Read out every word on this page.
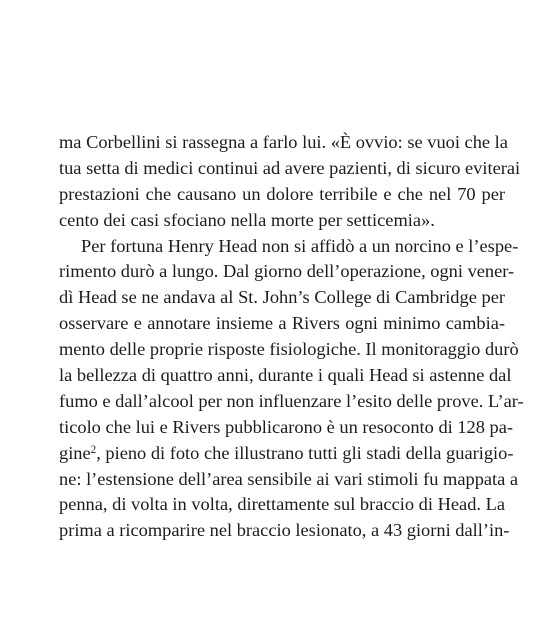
ma Corbellini si rassegna a farlo lui. «È ovvio: se vuoi che la
tua setta di medici continui ad avere pazienti, di sicuro eviterai
prestazioni che causano un dolore terribile e che nel 70 per
cento dei casi sfociano nella morte per setticemia».
Per fortuna Henry Head non si affidò a un norcino e l’espe-
rimento durò a lungo. Dal giorno dell’operazione, ogni vener-
dì Head se ne andava al St. John’s College di Cambridge per
osservare e annotare insieme a Rivers ogni minimo cambia-
mento delle proprie risposte fisiologiche. Il monitoraggio durò
la bellezza di quattro anni, durante i quali Head si astenne dal
fumo e dall’alcool per non influenzare l’esito delle prove. L’ar-
ticolo che lui e Rivers pubblicarono è un resoconto di 128 pa-
gine$^2$, pieno di foto che illustrano tutti gli stadi della guarigio-
ne: l’estensione dell’area sensibile ai vari stimoli fu mappata a
penna, di volta in volta, direttamente sul braccio di Head. La
prima a ricomparire nel braccio lesionato, a 43 giorni dall’in-
